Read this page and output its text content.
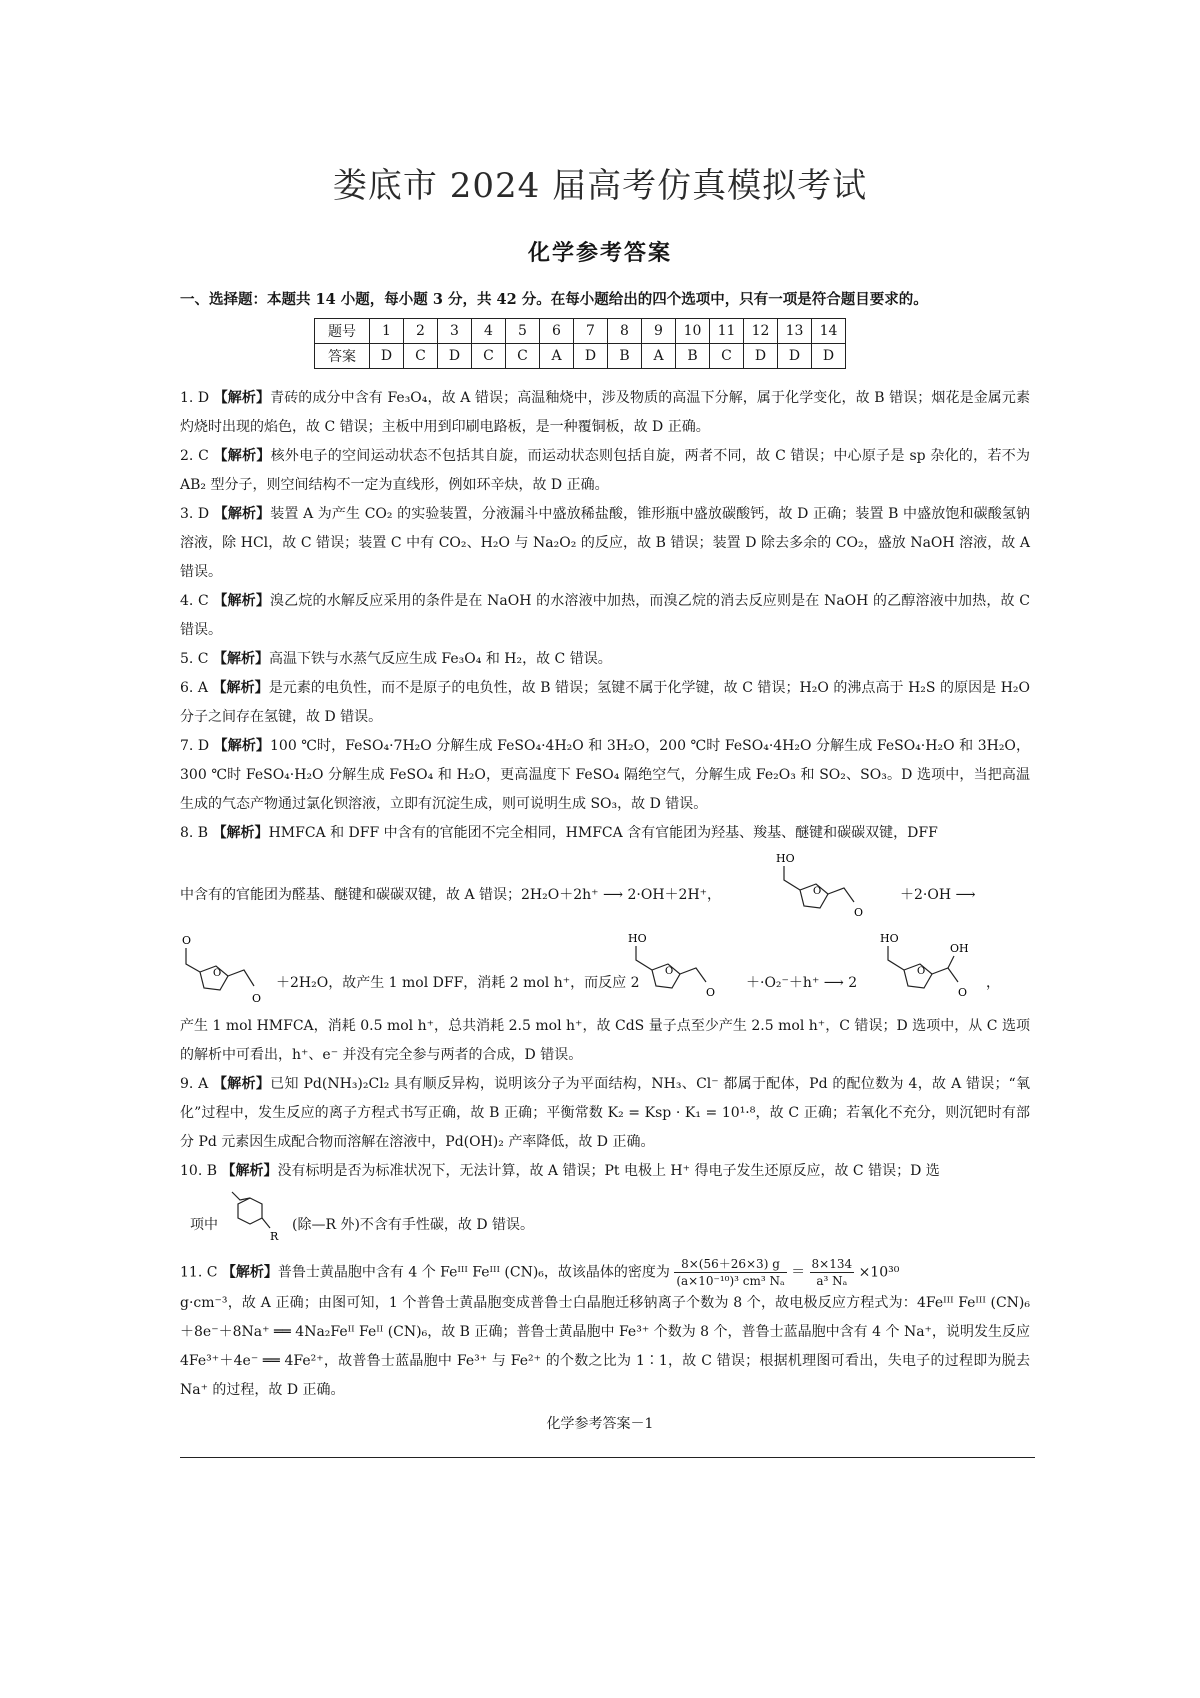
娄底市 2024 届高考仿真模拟考试
化学参考答案
一、选择题：本题共 14 小题，每小题 3 分，共 42 分。在每小题给出的四个选项中，只有一项是符合题目要求的。
题号	1	2	3	4	5	6	7	8	9	10	11	12	13	14
答案	D	C	D	C	C	A	D	B	A	B	C	D	D	D
1. D 【解析】青砖的成分中含有 Fe₃O₄，故 A 错误；高温釉烧中，涉及物质的高温下分解，属于化学变化，故 B 错误；烟花是金属元素灼烧时出现的焰色，故 C 错误；主板中用到印刷电路板，是一种覆铜板，故 D 正确。
2. C 【解析】核外电子的空间运动状态不包括其自旋，而运动状态则包括自旋，两者不同，故 C 错误；中心原子是 sp 杂化的，若不为 AB₂ 型分子，则空间结构不一定为直线形，例如环辛炔，故 D 正确。
3. D 【解析】装置 A 为产生 CO₂ 的实验装置，分液漏斗中盛放稀盐酸，锥形瓶中盛放碳酸钙，故 D 正确；装置 B 中盛放饱和碳酸氢钠溶液，除 HCl，故 C 错误；装置 C 中有 CO₂、H₂O 与 Na₂O₂ 的反应，故 B 错误；装置 D 除去多余的 CO₂，盛放 NaOH 溶液，故 A 错误。
4. C 【解析】溴乙烷的水解反应采用的条件是在 NaOH 的水溶液中加热，而溴乙烷的消去反应则是在 NaOH 的乙醇溶液中加热，故 C 错误。
5. C 【解析】高温下铁与水蒸气反应生成 Fe₃O₄ 和 H₂，故 C 错误。
6. A 【解析】是元素的电负性，而不是原子的电负性，故 B 错误；氢键不属于化学键，故 C 错误；H₂O 的沸点高于 H₂S 的原因是 H₂O 分子之间存在氢键，故 D 错误。
7. D 【解析】100 ℃时，FeSO₄·7H₂O 分解生成 FeSO₄·4H₂O 和 3H₂O，200 ℃时 FeSO₄·4H₂O 分解生成 FeSO₄·H₂O 和 3H₂O，300 ℃时 FeSO₄·H₂O 分解生成 FeSO₄ 和 H₂O，更高温度下 FeSO₄ 隔绝空气，分解生成 Fe₂O₃ 和 SO₂、SO₃。D 选项中，当把高温生成的气态产物通过氯化钡溶液，立即有沉淀生成，则可说明生成 SO₃，故 D 错误。
8. B 【解析】HMFCA 和 DFF 中含有的官能团不完全相同，HMFCA 含有官能团为羟基、羧基、醚键和碳碳双键，DFF
中含有的官能团为醛基、醚键和碳碳双键，故 A 错误；2H₂O＋2h⁺ ⟶ 2·OH＋2H⁺，
HO
O
O
＋2·OH ⟶
O
O
O
＋2H₂O，故产生 1 mol DFF，消耗 2 mol h⁺，而反应 2
HO
O
O
＋·O₂⁻＋h⁺ ⟶ 2
HO
O
OH
O
，
产生 1 mol HMFCA，消耗 0.5 mol h⁺，总共消耗 2.5 mol h⁺，故 CdS 量子点至少产生 2.5 mol h⁺，C 错误；D 选项中，从 C 选项的解析中可看出，h⁺、e⁻ 并没有完全参与两者的合成，D 错误。
9. A 【解析】已知 Pd(NH₃)₂Cl₂ 具有顺反异构，说明该分子为平面结构，NH₃、Cl⁻ 都属于配体，Pd 的配位数为 4，故 A 错误；“氧化”过程中，发生反应的离子方程式书写正确，故 B 正确；平衡常数 K₂ = Ksp · K₁ = 10¹·⁸，故 C 正确；若氧化不充分，则沉钯时有部分 Pd 元素因生成配合物而溶解在溶液中，Pd(OH)₂ 产率降低，故 D 正确。
10. B 【解析】没有标明是否为标准状况下，无法计算，故 A 错误；Pt 电极上 H⁺ 得电子发生还原反应，故 C 错误；D 选
项中
R
(除—R 外)不含有手性碳，故 D 错误。
11. C 【解析】普鲁士黄晶胞中含有 4 个 Feᴵᴵᴵ Feᴵᴵᴵ (CN)₆，故该晶体的密度为 $\frac{8\times(56+26\times 3) g}{\text{(a×10⁻¹⁰)³ cm³ Nₐ}} = \frac{8\times 134}{\text{a³ Nₐ}} \times 10^{30}$
g·cm⁻³，故 A 正确；由图可知，1 个普鲁士黄晶胞变成普鲁士白晶胞迁移钠离子个数为 8 个，故电极反应方程式为：4Feᴵᴵᴵ Feᴵᴵᴵ (CN)₆＋8e⁻＋8Na⁺ ══ 4Na₂Feᴵᴵ Feᴵᴵ (CN)₆，故 B 正确；普鲁士黄晶胞中 Fe³⁺ 个数为 8 个，普鲁士蓝晶胞中含有 4 个 Na⁺，说明发生反应 4Fe³⁺＋4e⁻ ══ 4Fe²⁺，故普鲁士蓝晶胞中 Fe³⁺ 与 Fe²⁺ 的个数之比为 1∶1，故 C 错误；根据机理图可看出，失电子的过程即为脱去 Na⁺ 的过程，故 D 正确。
化学参考答案－1
